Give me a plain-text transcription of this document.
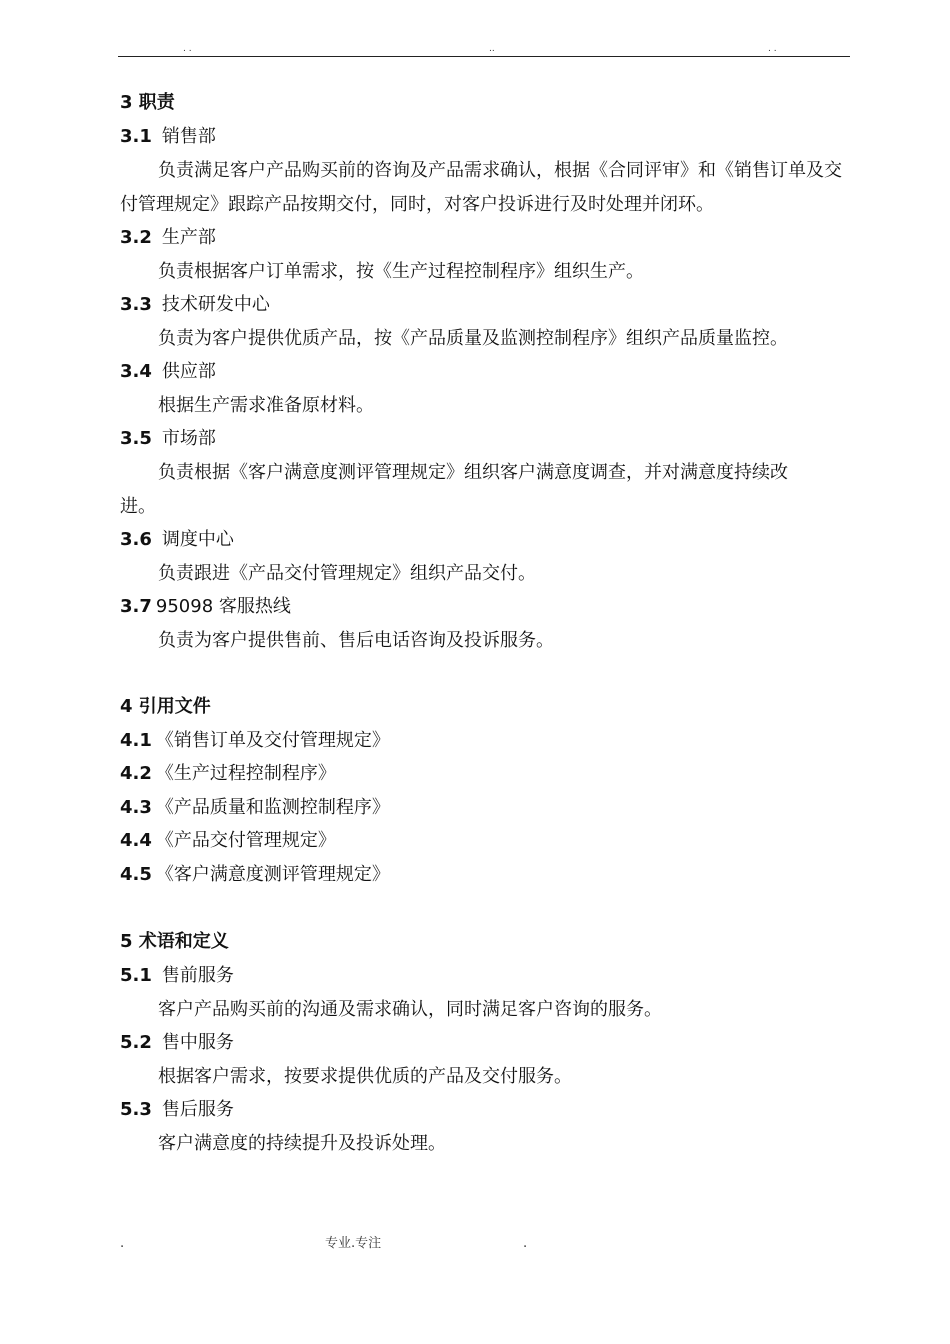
. .	..	. .
3 职责
3.1 销售部
负责满足客户产品购买前的咨询及产品需求确认，根据《合同评审》和《销售订单及交付管理规定》跟踪产品按期交付，同时，对客户投诉进行及时处理并闭环。
3.2 生产部
负责根据客户订单需求，按《生产过程控制程序》组织生产。
3.3 技术研发中心
负责为客户提供优质产品，按《产品质量及监测控制程序》组织产品质量监控。
3.4 供应部
根据生产需求准备原材料。
3.5 市场部
负责根据《客户满意度测评管理规定》组织客户满意度调查，并对满意度持续改进。
3.6 调度中心
负责跟进《产品交付管理规定》组织产品交付。
3.7 95098 客服热线
负责为客户提供售前、售后电话咨询及投诉服务。
4 引用文件
4.1 《销售订单及交付管理规定》
4.2 《生产过程控制程序》
4.3 《产品质量和监测控制程序》
4.4 《产品交付管理规定》
4.5 《客户满意度测评管理规定》
5 术语和定义
5.1 售前服务
客户产品购买前的沟通及需求确认，同时满足客户咨询的服务。
5.2 售中服务
根据客户需求，按要求提供优质的产品及交付服务。
5.3 售后服务
客户满意度的持续提升及投诉处理。
.	专业.专注	.
